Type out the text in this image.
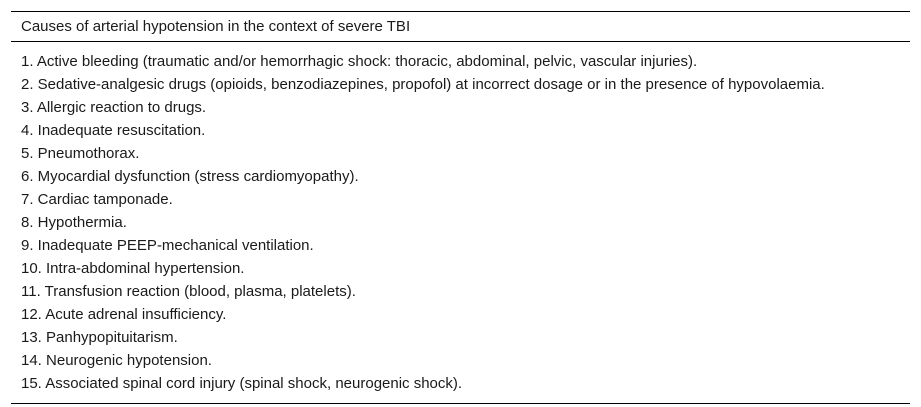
Causes of arterial hypotension in the context of severe TBI
1. Active bleeding (traumatic and/or hemorrhagic shock: thoracic, abdominal, pelvic, vascular injuries).
2. Sedative-analgesic drugs (opioids, benzodiazepines, propofol) at incorrect dosage or in the presence of hypovolaemia.
3. Allergic reaction to drugs.
4. Inadequate resuscitation.
5. Pneumothorax.
6. Myocardial dysfunction (stress cardiomyopathy).
7. Cardiac tamponade.
8. Hypothermia.
9. Inadequate PEEP-mechanical ventilation.
10. Intra-abdominal hypertension.
11. Transfusion reaction (blood, plasma, platelets).
12. Acute adrenal insufficiency.
13. Panhypopituitarism.
14. Neurogenic hypotension.
15. Associated spinal cord injury (spinal shock, neurogenic shock).
